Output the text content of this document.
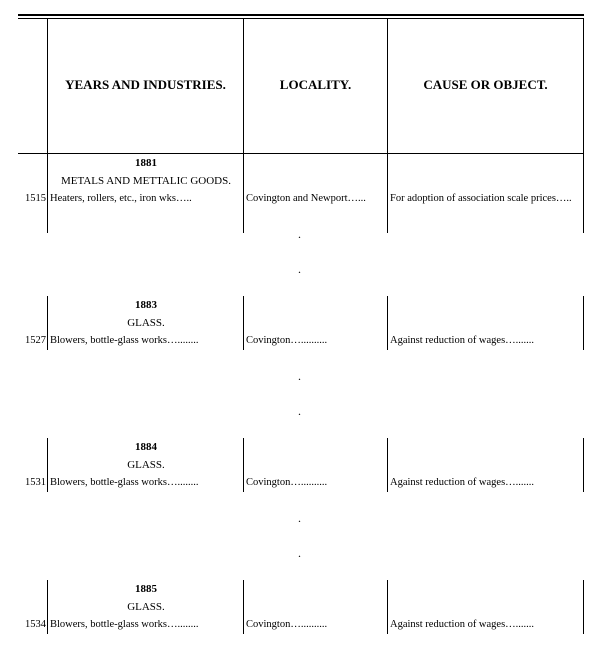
YEARS AND INDUSTRIES.	LOCALITY.	CAUSE OR OBJECT.
1881
METALS AND METTALIC GOODS.
1515 Heaters, rollers, etc., iron wks…..	Covington and Newport…... For adoption of association scale prices…..
.
.
1883
GLASS.
1527 Blowers, bottle-glass works…........	Covington…..........	Against reduction of wages….......
.
.
1884
GLASS.
1531 Blowers, bottle-glass works…........	Covington…..........	Against reduction of wages….......
.
.
1885
GLASS.
1534 Blowers, bottle-glass works…........	Covington…..........	Against reduction of wages….......
